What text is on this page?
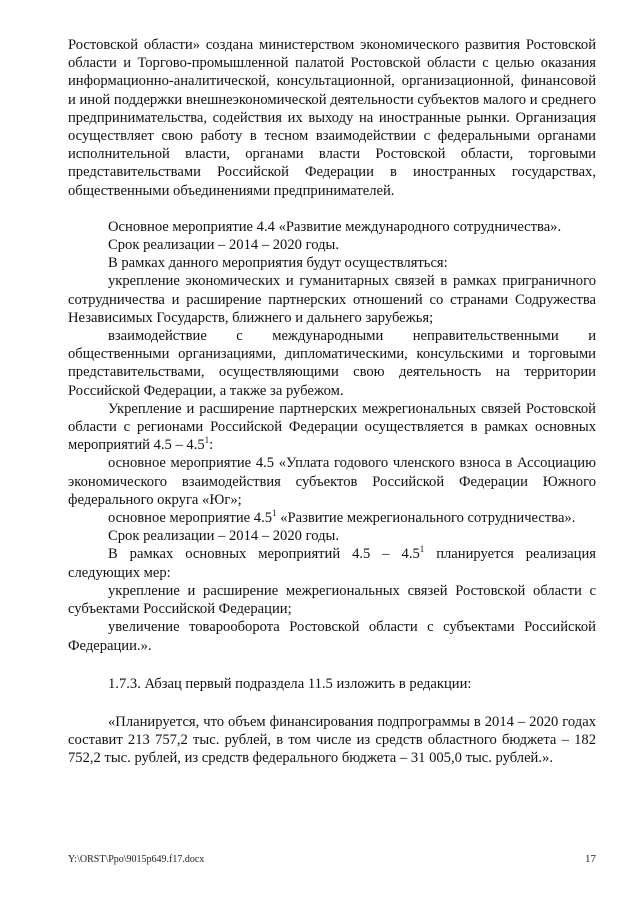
Ростовской области» создана министерством экономического развития Ростовской области и Торгово-промышленной палатой Ростовской области с целью оказания информационно-аналитической, консультационной, организационной, финансовой и иной поддержки внешнеэкономической деятельности субъектов малого и среднего предпринимательства, содействия их выходу на иностранные рынки. Организация осуществляет свою работу в тесном взаимодействии с федеральными органами исполнительной власти, органами власти Ростовской области, торговыми представительствами Российской Федерации в иностранных государствах, общественными объединениями предпринимателей.

Основное мероприятие 4.4 «Развитие международного сотрудничества».

Срок реализации – 2014 – 2020 годы.

В рамках данного мероприятия будут осуществляться:

укрепление экономических и гуманитарных связей в рамках приграничного сотрудничества и расширение партнерских отношений со странами Содружества Независимых Государств, ближнего и дальнего зарубежья;

взаимодействие с международными неправительственными и общественными организациями, дипломатическими, консульскими и торговыми представительствами, осуществляющими свою деятельность на территории Российской Федерации, а также за рубежом.

Укрепление и расширение партнерских межрегиональных связей Ростовской области с регионами Российской Федерации осуществляется в рамках основных мероприятий $4.5 - 4.5^1$:

основное мероприятие 4.5 «Уплата годового членского взноса в Ассоциацию экономического взаимодействия субъектов Российской Федерации Южного федерального округа «Юг»;

основное мероприятие $4.5^1$ «Развитие межрегионального сотрудничества».

Срок реализации – 2014 – 2020 годы.

В рамках основных мероприятий $4.5 - 4.5^1$ планируется реализация следующих мер:

укрепление и расширение межрегиональных связей Ростовской области с субъектами Российской Федерации;

увеличение товарооборота Ростовской области с субъектами Российской Федерации.».

1.7.3. Абзац первый подраздела 11.5 изложить в редакции:

«Планируется, что объем финансирования подпрограммы в 2014 – 2020 годах составит 213 757,2 тыс. рублей, в том числе из средств областного бюджета – 182 752,2 тыс. рублей, из средств федерального бюджета – 31 005,0 тыс. рублей.».

Y:\ORST\Ppo\9015p649.f17.docx	17
